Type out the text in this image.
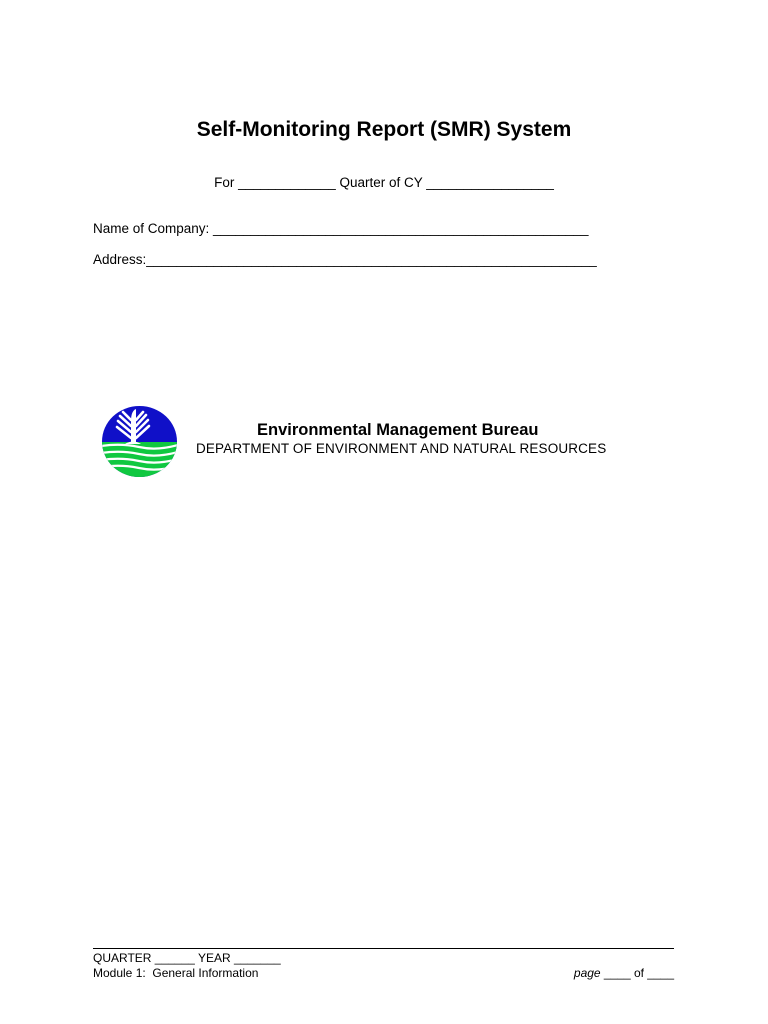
Self-Monitoring Report (SMR) System
For _____________ Quarter of CY _________________
Name of Company: __________________________________________________
Address:____________________________________________________________
Environmental Management Bureau
DEPARTMENT OF ENVIRONMENT AND NATURAL RESOURCES
QUARTER ______ YEAR _______
Module 1:  General Information	page ____ of ____
